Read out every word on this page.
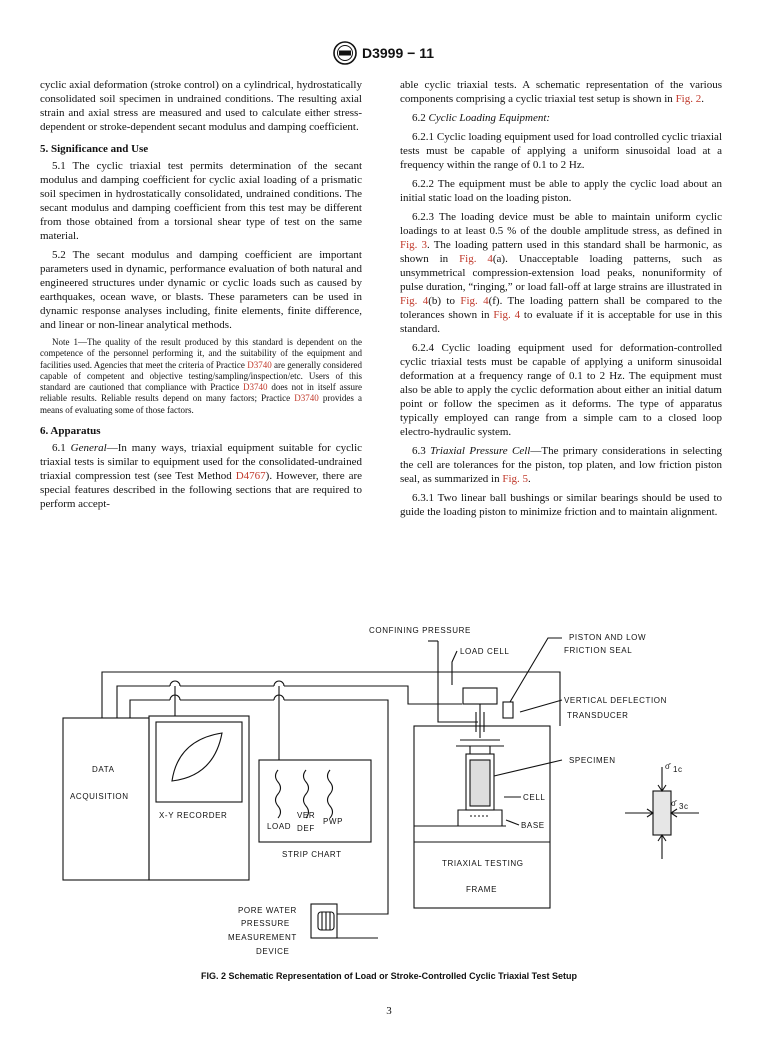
D3999 − 11

cyclic axial deformation (stroke control) on a cylindrical, hydrostatically consolidated soil specimen in undrained conditions. The resulting axial strain and axial stress are measured and used to calculate either stress-dependent or stroke-dependent secant modulus and damping coefficient.

5. Significance and Use

5.1 The cyclic triaxial test permits determination of the secant modulus and damping coefficient for cyclic axial loading of a prismatic soil specimen in hydrostatically consolidated, undrained conditions. The secant modulus and damping coefficient from this test may be different from those obtained from a torsional shear type of test on the same material.

5.2 The secant modulus and damping coefficient are important parameters used in dynamic, performance evaluation of both natural and engineered structures under dynamic or cyclic loads such as caused by earthquakes, ocean wave, or blasts. These parameters can be used in dynamic response analyses including, finite elements, finite difference, and linear or non-linear analytical methods.

Note 1—The quality of the result produced by this standard is dependent on the competence of the personnel performing it, and the suitability of the equipment and facilities used. Agencies that meet the criteria of Practice D3740 are generally considered capable of competent and objective testing/sampling/inspection/etc. Users of this standard are cautioned that compliance with Practice D3740 does not in itself assure reliable results. Reliable results depend on many factors; Practice D3740 provides a means of evaluating some of those factors.
6. Apparatus

6.1 General—In many ways, triaxial equipment suitable for cyclic triaxial tests is similar to equipment used for the consolidated-undrained triaxial compression test (see Test Method D4767). However, there are special features described in the following sections that are required to perform accept-

able cyclic triaxial tests. A schematic representation of the various components comprising a cyclic triaxial test setup is shown in Fig. 2.

6.2 Cyclic Loading Equipment:

6.2.1 Cyclic loading equipment used for load controlled cyclic triaxial tests must be capable of applying a uniform sinusoidal load at a frequency within the range of 0.1 to 2 Hz.

6.2.2 The equipment must be able to apply the cyclic load about an initial static load on the loading piston.

6.2.3 The loading device must be able to maintain uniform cyclic loadings to at least 0.5 % of the double amplitude stress, as defined in Fig. 3. The loading pattern used in this standard shall be harmonic, as shown in Fig. 4(a). Unacceptable loading patterns, such as unsymmetrical compression-extension load peaks, nonuniformity of pulse duration, “ringing,” or load fall-off at large strains are illustrated in Fig. 4(b) to Fig. 4(f). The loading pattern shall be compared to the tolerances shown in Fig. 4 to evaluate if it is acceptable for use in this standard.

6.2.4 Cyclic loading equipment used for deformation-controlled cyclic triaxial tests must be capable of applying a uniform sinusoidal deformation at a frequency range of 0.1 to 2 Hz. The equipment must also be able to apply the cyclic deformation about either an initial datum point or follow the specimen as it deforms. The type of apparatus typically employed can range from a simple cam to a closed loop electro-hydraulic system.

6.3 Triaxial Pressure Cell—The primary considerations in selecting the cell are tolerances for the piston, top platen, and low friction piston seal, as summarized in Fig. 5.

6.3.1 Two linear ball bushings or similar bearings should be used to guide the loading piston to minimize friction and to maintain alignment.

DATA
ACQUISITION
X-Y RECORDER
LOAD
VER
DEF
PWP
STRIP CHART
CONFINING PRESSURE
LOAD CELL
PISTON AND LOW
FRICTION SEAL
VERTICAL DEFLECTION
TRANSDUCER
SPECIMEN
CELL
BASE
TRIAXIAL TESTING
FRAME
σ̄ 1c
σ̄ 3c
PORE WATER
PRESSURE
MEASUREMENT
DEVICE
FIG. 2 Schematic Representation of Load or Stroke-Controlled Cyclic Triaxial Test Setup
3
